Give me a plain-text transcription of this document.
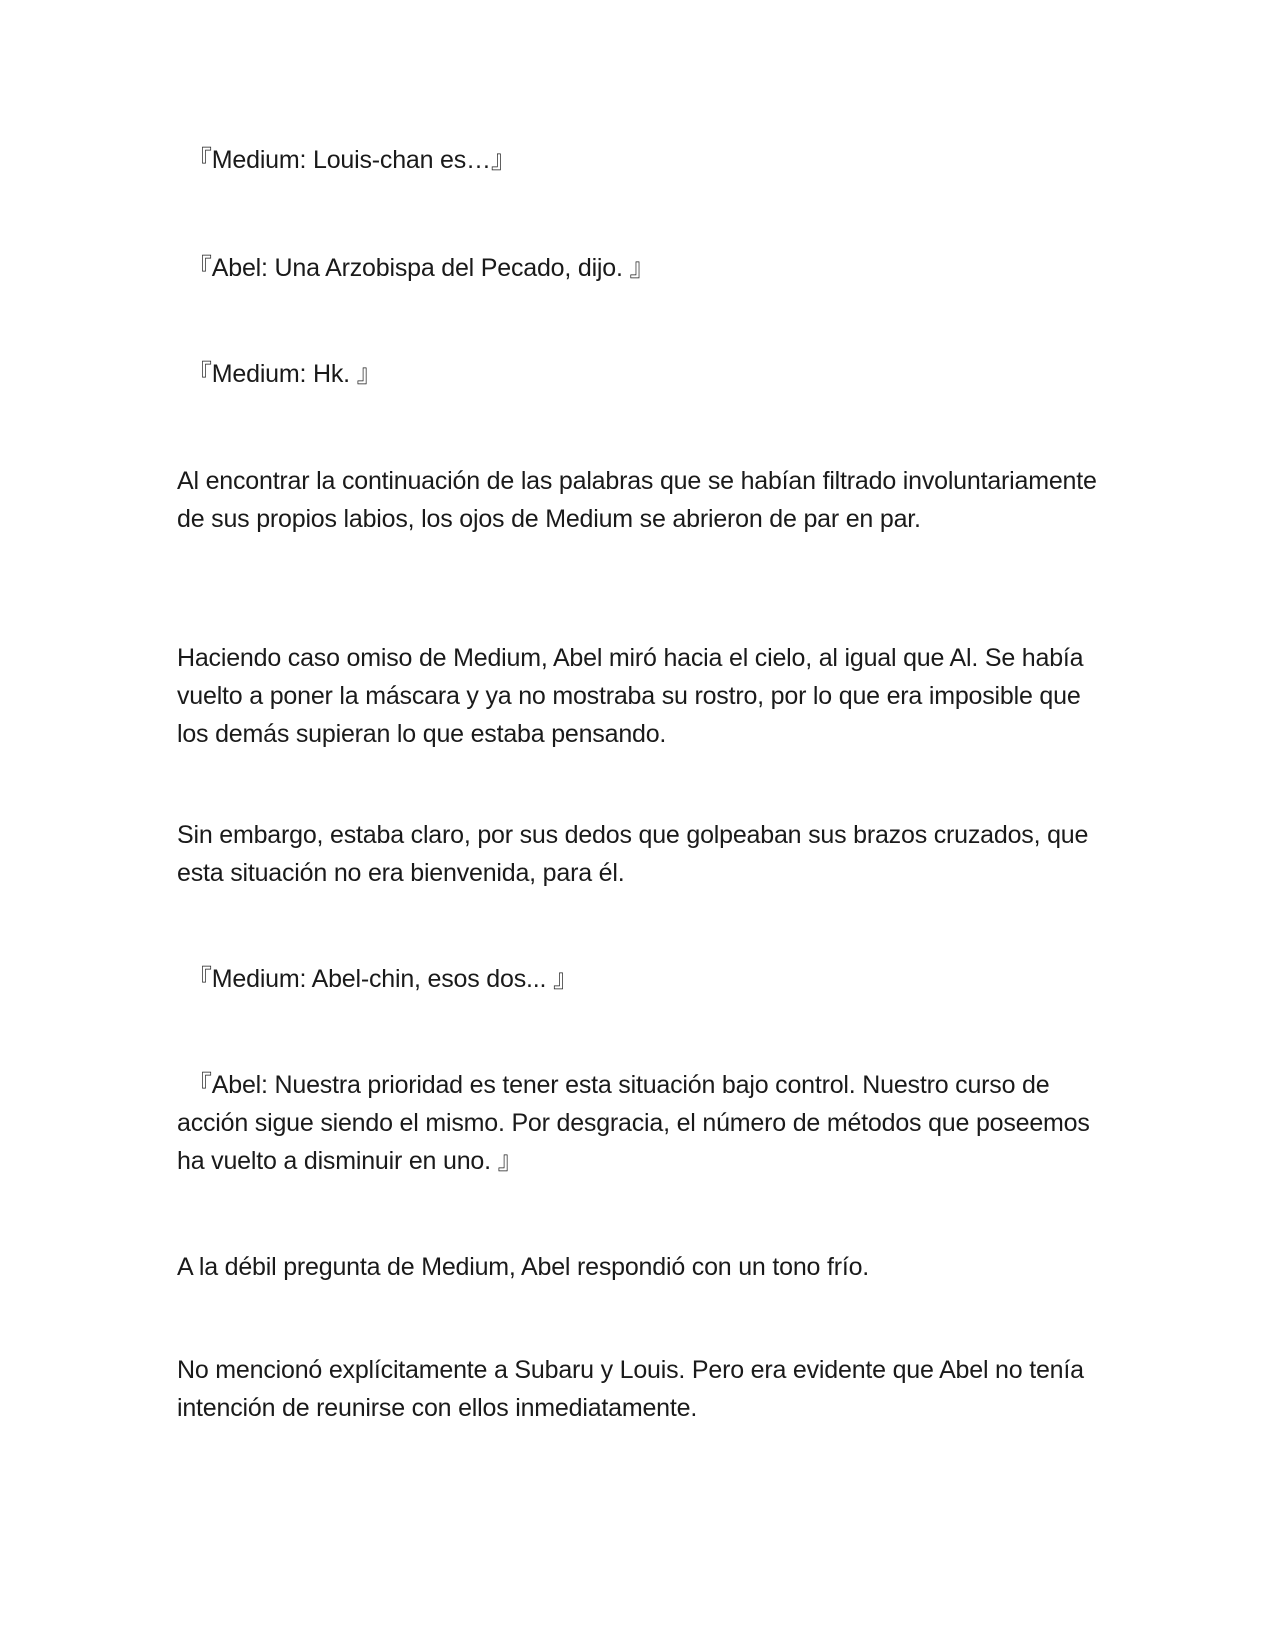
『Medium: Louis-chan es…』

『Abel: Una Arzobispa del Pecado, dijo. 』

『Medium: Hk. 』

Al encontrar la continuación de las palabras que se habían filtrado involuntariamente de sus propios labios, los ojos de Medium se abrieron de par en par.

Haciendo caso omiso de Medium, Abel miró hacia el cielo, al igual que Al. Se había vuelto a poner la máscara y ya no mostraba su rostro, por lo que era imposible que los demás supieran lo que estaba pensando.

Sin embargo, estaba claro, por sus dedos que golpeaban sus brazos cruzados, que esta situación no era bienvenida, para él.

『Medium: Abel-chin, esos dos... 』

『Abel: Nuestra prioridad es tener esta situación bajo control. Nuestro curso de acción sigue siendo el mismo. Por desgracia, el número de métodos que poseemos ha vuelto a disminuir en uno. 』

A la débil pregunta de Medium, Abel respondió con un tono frío.

No mencionó explícitamente a Subaru y Louis. Pero era evidente que Abel no tenía intención de reunirse con ellos inmediatamente.
